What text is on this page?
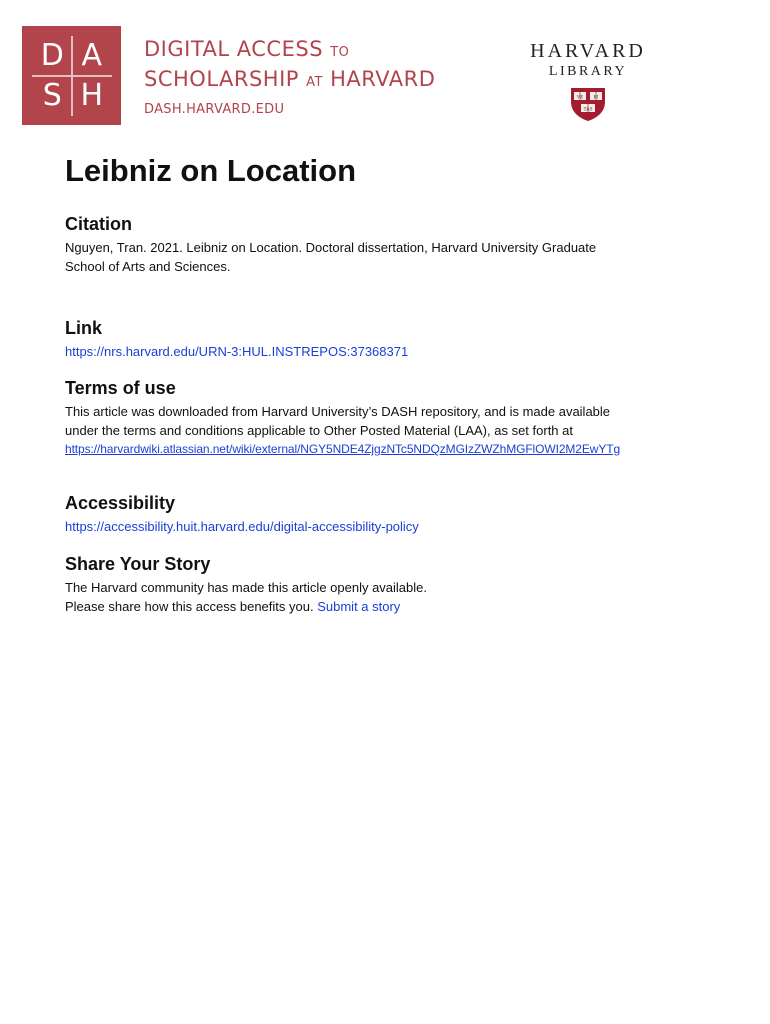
D A
S H
DIGITAL ACCESS TO
SCHOLARSHIP AT HARVARD
DASH.HARVARD.EDU
HARVARD
LIBRARY
VE RI
TAS
Leibniz on Location
Citation

Nguyen, Tran. 2021. Leibniz on Location. Doctoral dissertation, Harvard University Graduate School of Arts and Sciences.

Link

https://nrs.harvard.edu/URN-3:HUL.INSTREPOS:37368371

Terms of use

This article was downloaded from Harvard University’s DASH repository, and is made available under the terms and conditions applicable to Other Posted Material (LAA), as set forth at

https://harvardwiki.atlassian.net/wiki/external/NGY5NDE4ZjgzNTc5NDQzMGIzZWZhMGFlOWI2M2EwYTg

Accessibility

https://accessibility.huit.harvard.edu/digital-accessibility-policy

Share Your Story

The Harvard community has made this article openly available.

Please share how this access benefits you. Submit a story
